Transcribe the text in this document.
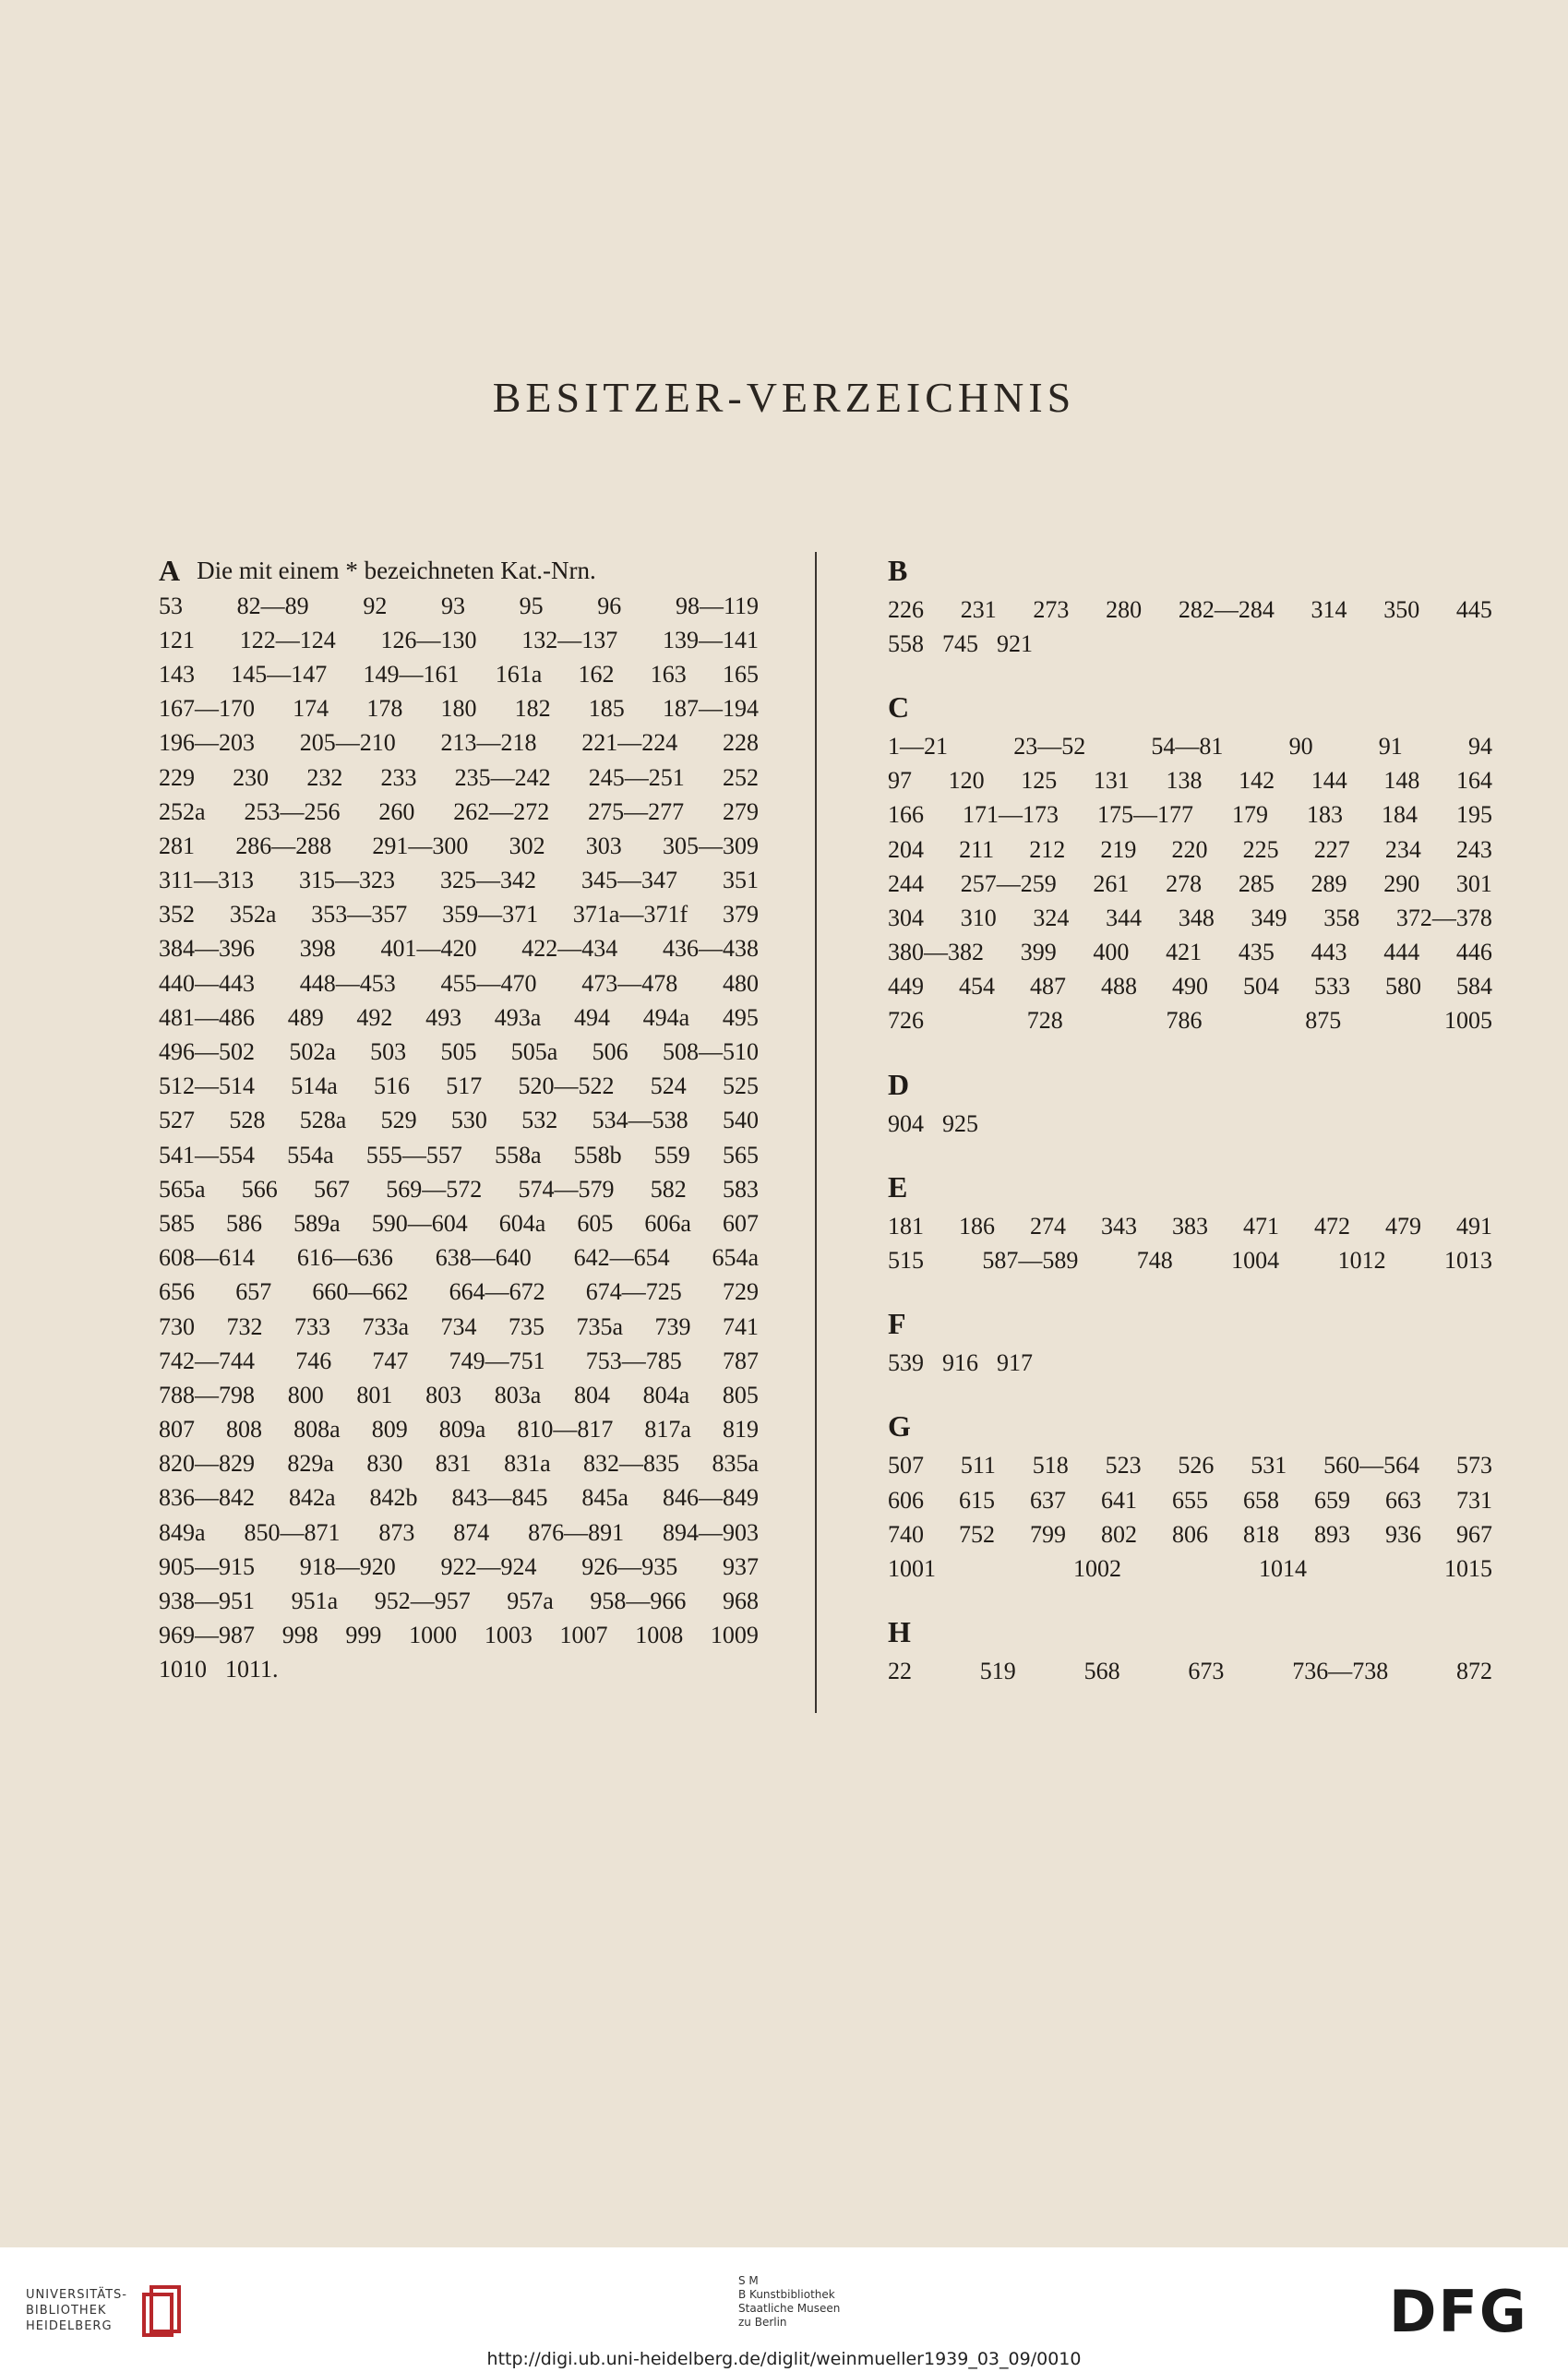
BESITZER-VERZEICHNIS
A Die mit einem * bezeichneten Kat.-Nrn.
53 82—89 92 93 95 96 98—119
121 122—124 126—130 132—137 139—141
143 145—147 149—161 161a 162 163 165
167—170 174 178 180 182 185 187—194
196—203 205—210 213—218 221—224 228
229 230 232 233 235—242 245—251 252
252a 253—256 260 262—272 275—277 279
281 286—288 291—300 302 303 305—309
311—313 315—323 325—342 345—347 351
352 352a 353—357 359—371 371a—371f 379
384—396 398 401—420 422—434 436—438
440—443 448—453 455—470 473—478 480
481—486 489 492 493 493a 494 494a 495
496—502 502a 503 505 505a 506 508—510
512—514 514a 516 517 520—522 524 525
527 528 528a 529 530 532 534—538 540
541—554 554a 555—557 558a 558b 559 565
565a 566 567 569—572 574—579 582 583
585 586 589a 590—604 604a 605 606a 607
608—614 616—636 638—640 642—654 654a
656 657 660—662 664—672 674—725 729
730 732 733 733a 734 735 735a 739 741
742—744 746 747 749—751 753—785 787
788—798 800 801 803 803a 804 804a 805
807 808 808a 809 809a 810—817 817a 819
820—829 829a 830 831 831a 832—835 835a
836—842 842a 842b 843—845 845a 846—849
849a 850—871 873 874 876—891 894—903
905—915 918—920 922—924 926—935 937
938—951 951a 952—957 957a 958—966 968
969—987 998 999 1000 1003 1007 1008 1009
1010 1011.
B
226 231 273 280 282—284 314 350 445
558 745 921
C
1—21	23—52	54—81	90	91	94
97 120 125 131 138 142 144 148 164
166 171—173 175—177 179 183 184 195
204 211 212 219 220 225 227 234 243
244 257—259 261 278 285 289 290 301
304 310 324 344 348 349 358 372—378
380—382 399 400 421 435 443 444 446
449 454 487 488 490 504 533 580 584
726	728	786	875	1005
D
904 925
E
181 186 274 343 383 471 472 479 491
515 587—589 748 1004 1012 1013
F
539 916 917
G
507 511 518 523 526 531 560—564 573
606 615 637 641 655 658 659 663 731
740 752 799 802 806 818 893 936 967
1001	1002	1014	1015
H
22	519	568	673	736—738	872
UNIVERSITÄTS-
BIBLIOTHEK
HEIDELBERG
S M
B Kunstbibliothek
Staatliche Museen
zu Berlin	DFG
http://digi.ub.uni-heidelberg.de/diglit/weinmueller1939_03_09/0010
